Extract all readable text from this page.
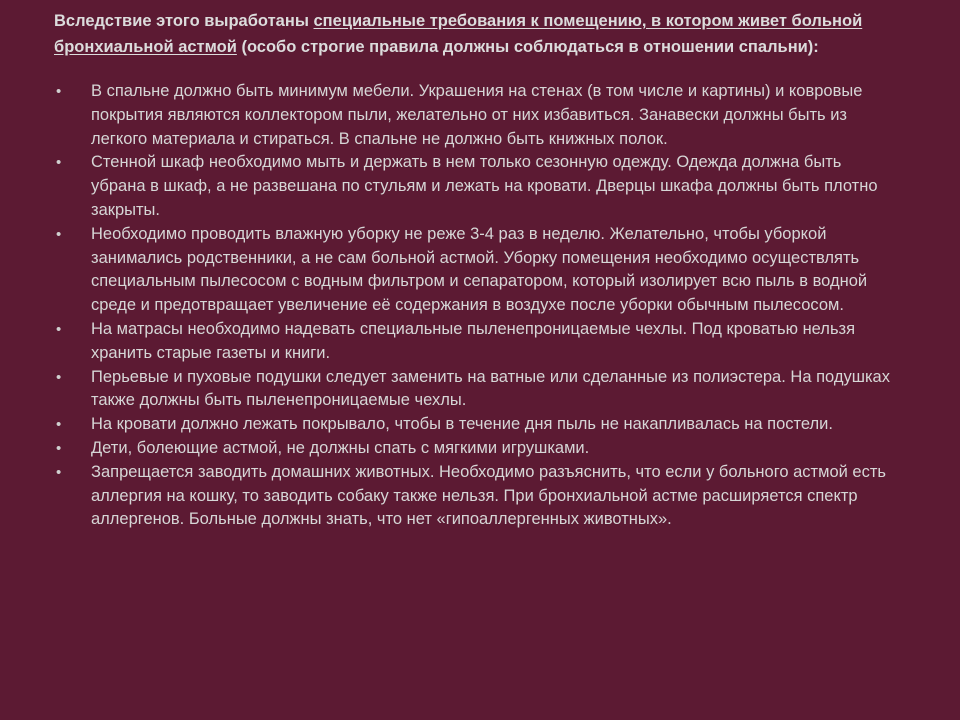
Вследствие этого выработаны специальные требования к помещению, в котором живет больной бронхиальной астмой (особо строгие правила должны соблюдаться в отношении спальни):

• В спальне должно быть минимум мебели. Украшения на стенах (в том числе и картины) и ковровые покрытия являются коллектором пыли, желательно от них избавиться. Занавески должны быть из легкого материала и стираться. В спальне не должно быть книжных полок.
• Стенной шкаф необходимо мыть и держать в нем только сезонную одежду. Одежда должна быть убрана в шкаф, а не развешана по стульям и лежать на кровати. Дверцы шкафа должны быть плотно закрыты.
• Необходимо проводить влажную уборку не реже 3-4 раз в неделю. Желательно, чтобы уборкой занимались родственники, а не сам больной астмой. Уборку помещения необходимо осуществлять специальным пылесосом с водным фильтром и сепаратором, который изолирует всю пыль в водной среде и предотвращает увеличение её содержания в воздухе после уборки обычным пылесосом.
• На матрасы необходимо надевать специальные пыленепроницаемые чехлы. Под кроватью нельзя хранить старые газеты и книги.
• Перьевые и пуховые подушки следует заменить на ватные или сделанные из полиэстера. На подушках также должны быть пыленепроницаемые чехлы.
• На кровати должно лежать покрывало, чтобы в течение дня пыль не накапливалась на постели.
• Дети, болеющие астмой, не должны спать с мягкими игрушками.
• Запрещается заводить домашних животных. Необходимо разъяснить, что если у больного астмой есть аллергия на кошку, то заводить собаку также нельзя. При бронхиальной астме расширяется спектр аллергенов. Больные должны знать, что нет «гипоаллергенных животных».
